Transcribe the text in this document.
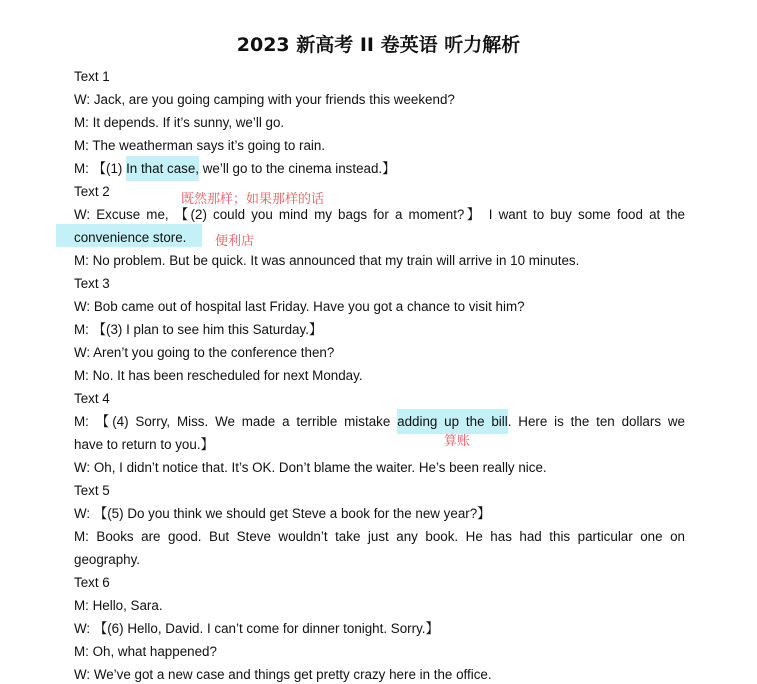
2023 新高考 II 卷英语 听力解析
Text 1
W: Jack, are you going camping with your friends this weekend?
M: It depends. If it’s sunny, we’ll go.
M: The weatherman says it’s going to rain.
M: 【(1) In that case, we’ll go to the cinema instead.】
既然那样；如果那样的话
Text 2
W: Excuse me, 【(2) could you mind my bags for a moment?】 I want to buy some food at the
convenience store. 便利店
M: No problem. But be quick. It was announced that my train will arrive in 10 minutes.
Text 3
W: Bob came out of hospital last Friday. Have you got a chance to visit him?
M: 【(3) I plan to see him this Saturday.】
W: Aren’t you going to the conference then?
M: No. It has been rescheduled for next Monday.
Text 4
M: 【(4) Sorry, Miss. We made a terrible mistake adding up the bill. Here is the ten dollars we
算账
have to return to you.】
W: Oh, I didn’t notice that. It’s OK. Don’t blame the waiter. He’s been really nice.
Text 5
W: 【(5) Do you think we should get Steve a book for the new year?】
M: Books are good. But Steve wouldn’t take just any book. He has had this particular one on
geography.
Text 6
M: Hello, Sara.
W: 【(6) Hello, David. I can’t come for dinner tonight. Sorry.】
M: Oh, what happened?
W: We’ve got a new case and things get pretty crazy here in the office.
